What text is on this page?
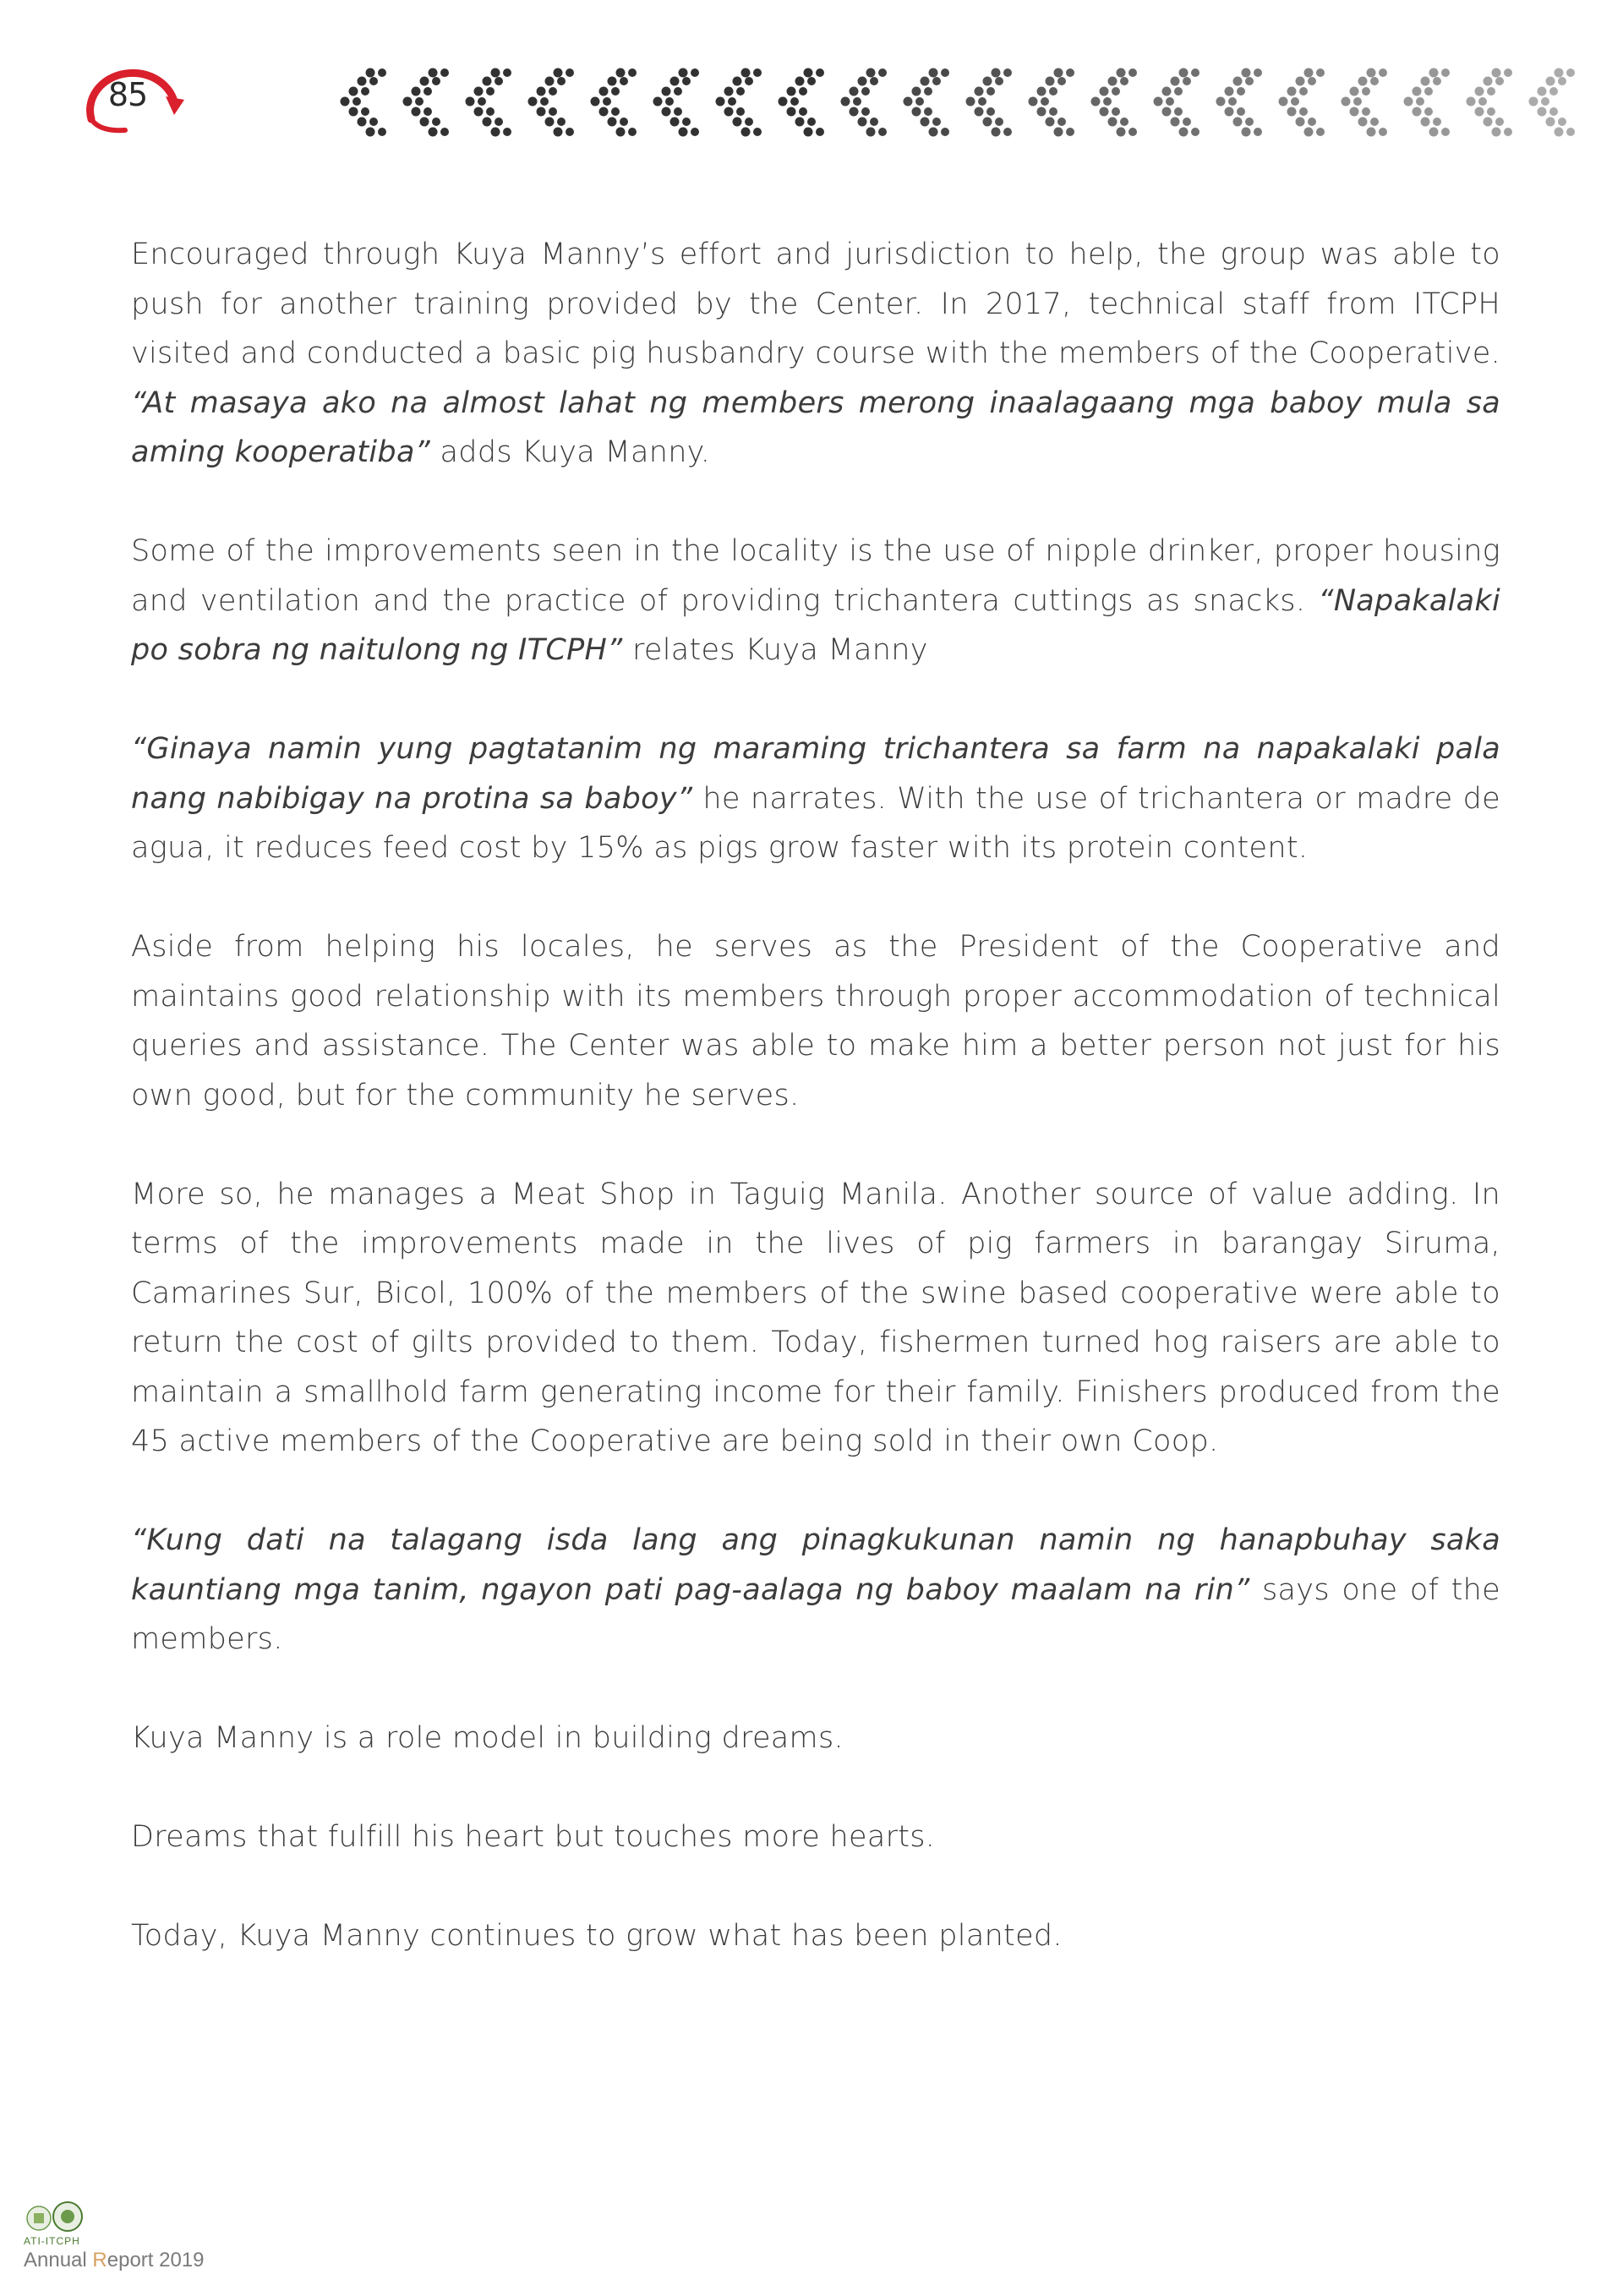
85

Encouraged through Kuya Manny’s effort and jurisdiction to help, the group was able to push for another training provided by the Center. In 2017, technical staff from ITCPH visited and conducted a basic pig husbandry course with the members of the Cooperative. “At masaya ako na almost lahat ng members merong inaalagaang mga baboy mula sa aming kooperatiba” adds Kuya Manny.

Some of the improvements seen in the locality is the use of nipple drinker, proper housing and ventilation and the practice of providing trichantera cuttings as snacks. “Napakalaki po sobra ng naitulong ng ITCPH” relates Kuya Manny

“Ginaya namin yung pagtatanim ng maraming trichantera sa farm na napakalaki pala nang nabibigay na protina sa baboy” he narrates. With the use of trichantera or madre de agua, it reduces feed cost by 15% as pigs grow faster with its protein content.

Aside from helping his locales, he serves as the President of the Cooperative and maintains good relationship with its members through proper accommodation of technical queries and assistance. The Center was able to make him a better person not just for his own good, but for the community he serves.

More so, he manages a Meat Shop in Taguig Manila. Another source of value adding. In terms of the improvements made in the lives of pig farmers in barangay Siruma, Camarines Sur, Bicol, 100% of the members of the swine based cooperative were able to return the cost of gilts provided to them. Today, fishermen turned hog raisers are able to maintain a smallhold farm generating income for their family. Finishers produced from the 45 active members of the Cooperative are being sold in their own Coop.

“Kung dati na talagang isda lang ang pinagkukunan namin ng hanapbuhay saka kauntiang mga tanim, ngayon pati pag-aalaga ng baboy maalam na rin” says one of the members.

Kuya Manny is a role model in building dreams.

Dreams that fulfill his heart but touches more hearts.

Today, Kuya Manny continues to grow what has been planted.

ATI-ITCPH
Annual Report 2019
